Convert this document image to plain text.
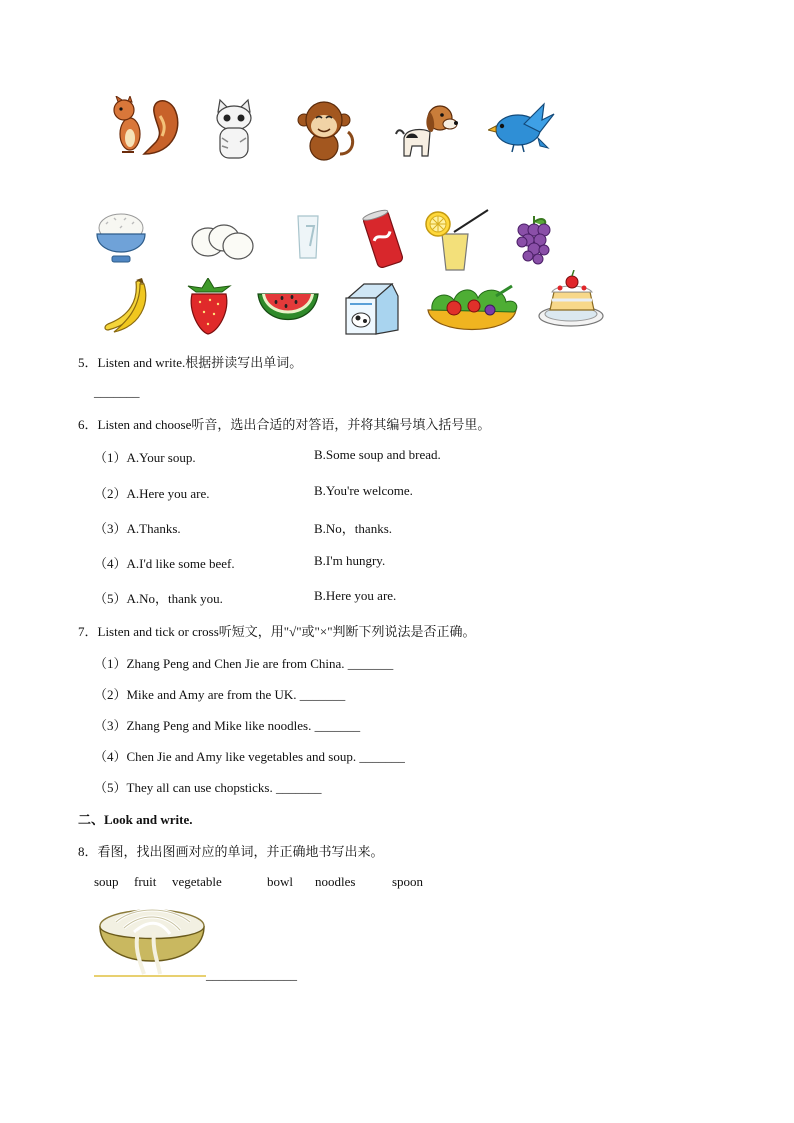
5．Listen and write.根据拼读写出单词。
_______
6．Listen and choose听音，选出合适的对答语，并将其编号填入括号里。
（1）A.Your soup.	B.Some soup and bread.
（2）A.Here you are.	B.You're welcome.
（3）A.Thanks.	B.No，thanks.
（4）A.I'd like some beef.	B.I'm hungry.
（5）A.No，thank you.	B.Here you are.
7．Listen and tick or cross听短文，用"√"或"×"判断下列说法是否正确。
（1）Zhang Peng and Chen Jie are from China. _______
（2）Mike and Amy are from the UK. _______
（3）Zhang Peng and Mike like noodles. _______
（4）Chen Jie and Amy like vegetables and soup. _______
（5）They all can use chopsticks. _______
二、Look and write.
8．看图，找出图画对应的单词，并正确地书写出来。
soup fruit vegetable	bowl noodles	spoon
______________
